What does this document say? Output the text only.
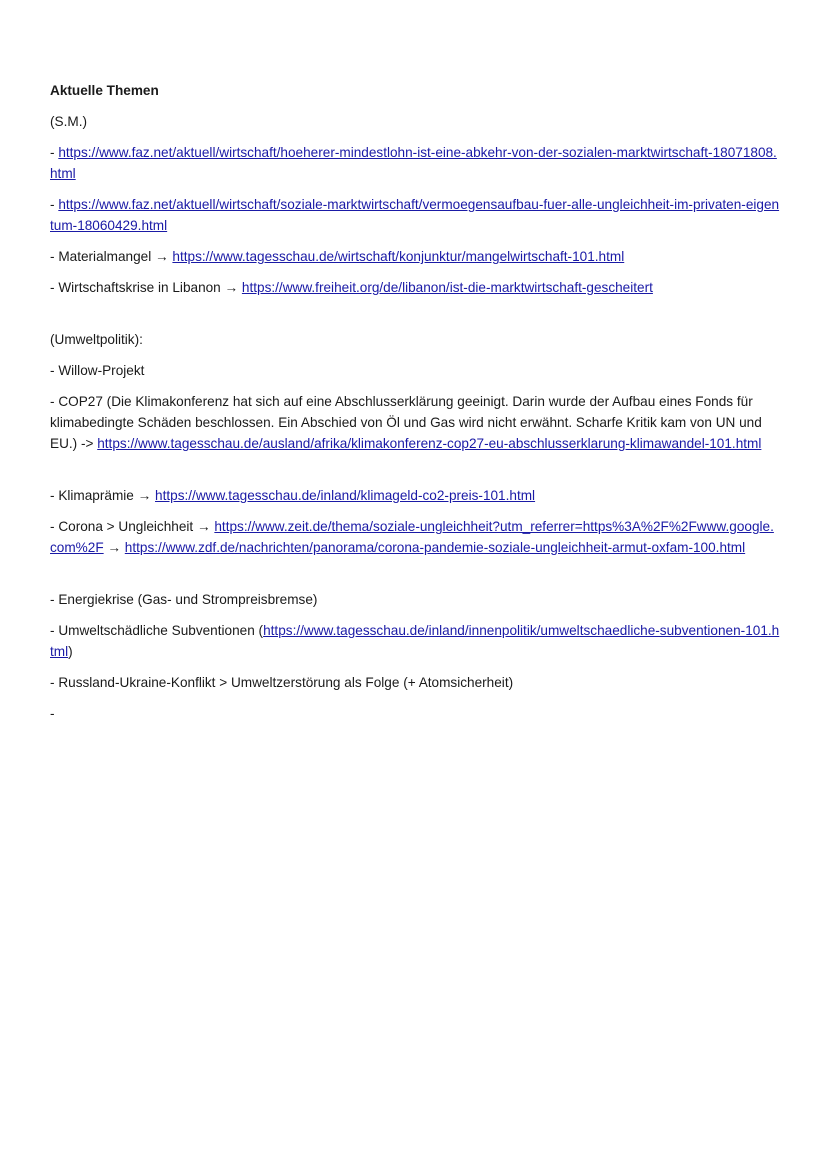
Aktuelle Themen

(S.M.)

- https://www.faz.net/aktuell/wirtschaft/hoeherer-mindestlohn-ist-eine-abkehr-von-der-sozialen-marktwirtschaft-18071808.html

- https://www.faz.net/aktuell/wirtschaft/soziale-marktwirtschaft/vermoegensaufbau-fuer-alle-ungleichheit-im-privaten-eigentum-18060429.html

- Materialmangel → https://www.tagesschau.de/wirtschaft/konjunktur/mangelwirtschaft-101.html

- Wirtschaftskrise in Libanon → https://www.freiheit.org/de/libanon/ist-die-marktwirtschaft-gescheitert

(Umweltpolitik):

- Willow-Projekt

- COP27 (Die Klimakonferenz hat sich auf eine Abschlusserklärung geeinigt. Darin wurde der Aufbau eines Fonds für klimabedingte Schäden beschlossen. Ein Abschied von Öl und Gas wird nicht erwähnt. Scharfe Kritik kam von UN und EU.) -> https://www.tagesschau.de/ausland/afrika/klimakonferenz-cop27-eu-abschlusserklarung-klimawandel-101.html

- Klimaprämie → https://www.tagesschau.de/inland/klimageld-co2-preis-101.html

- Corona > Ungleichheit → https://www.zeit.de/thema/soziale-ungleichheit?utm_referrer=https%3A%2F%2Fwww.google.com%2F → https://www.zdf.de/nachrichten/panorama/corona-pandemie-soziale-ungleichheit-armut-oxfam-100.html

- Energiekrise (Gas- und Strompreisbremse)

- Umweltschädliche Subventionen (https://www.tagesschau.de/inland/innenpolitik/umweltschaedliche-subventionen-101.html)

- Russland-Ukraine-Konflikt > Umweltzerstörung als Folge (+ Atomsicherheit)

-
